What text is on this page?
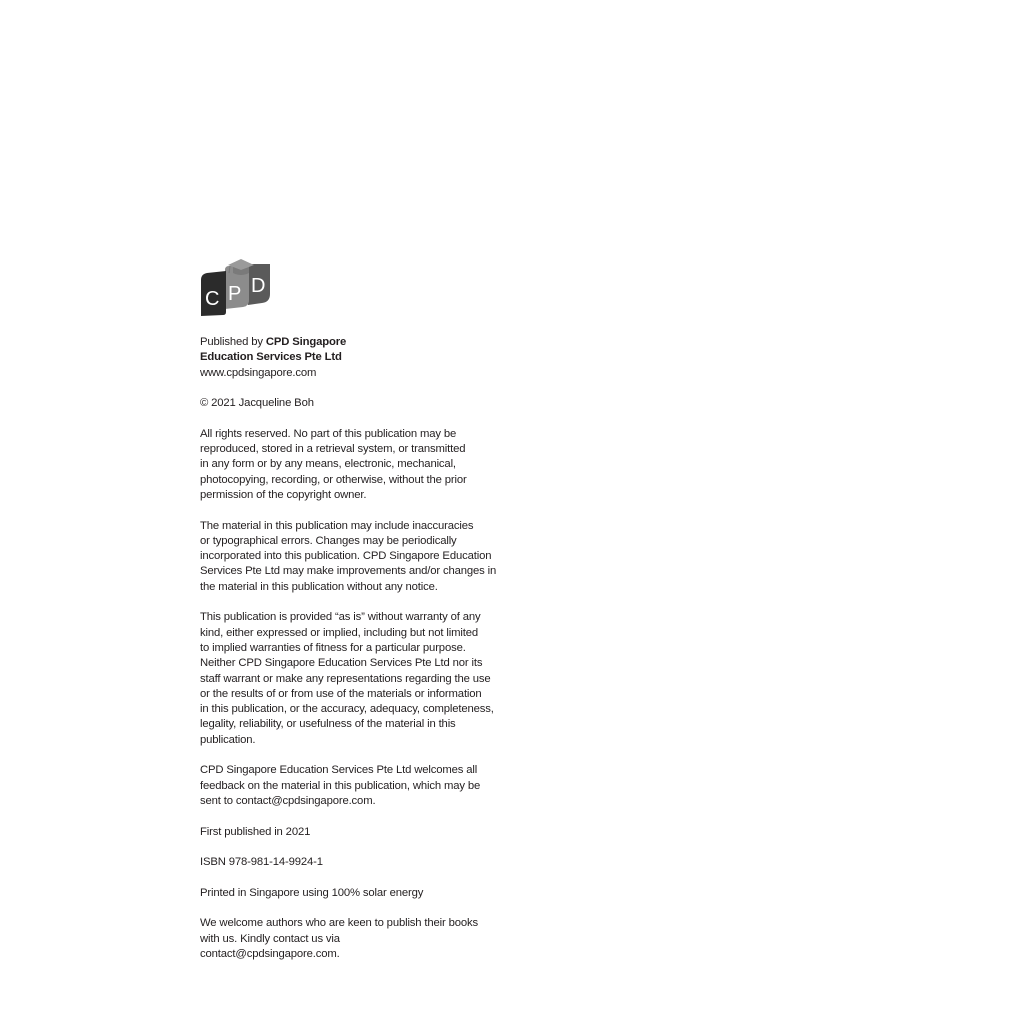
C P D
Published by CPD Singapore
Education Services Pte Ltd
www.cpdsingapore.com
© 2021 Jacqueline Boh
All rights reserved. No part of this publication may be
reproduced, stored in a retrieval system, or transmitted
in any form or by any means, electronic, mechanical,
photocopying, recording, or otherwise, without the prior
permission of the copyright owner.
The material in this publication may include inaccuracies
or typographical errors. Changes may be periodically
incorporated into this publication. CPD Singapore Education
Services Pte Ltd may make improvements and/or changes in
the material in this publication without any notice.
This publication is provided “as is” without warranty of any
kind, either expressed or implied, including but not limited
to implied warranties of fitness for a particular purpose.
Neither CPD Singapore Education Services Pte Ltd nor its
staff warrant or make any representations regarding the use
or the results of or from use of the materials or information
in this publication, or the accuracy, adequacy, completeness,
legality, reliability, or usefulness of the material in this
publication.
CPD Singapore Education Services Pte Ltd welcomes all
feedback on the material in this publication, which may be
sent to contact@cpdsingapore.com.
First published in 2021
ISBN 978-981-14-9924-1
Printed in Singapore using 100% solar energy
We welcome authors who are keen to publish their books
with us. Kindly contact us via
contact@cpdsingapore.com.
